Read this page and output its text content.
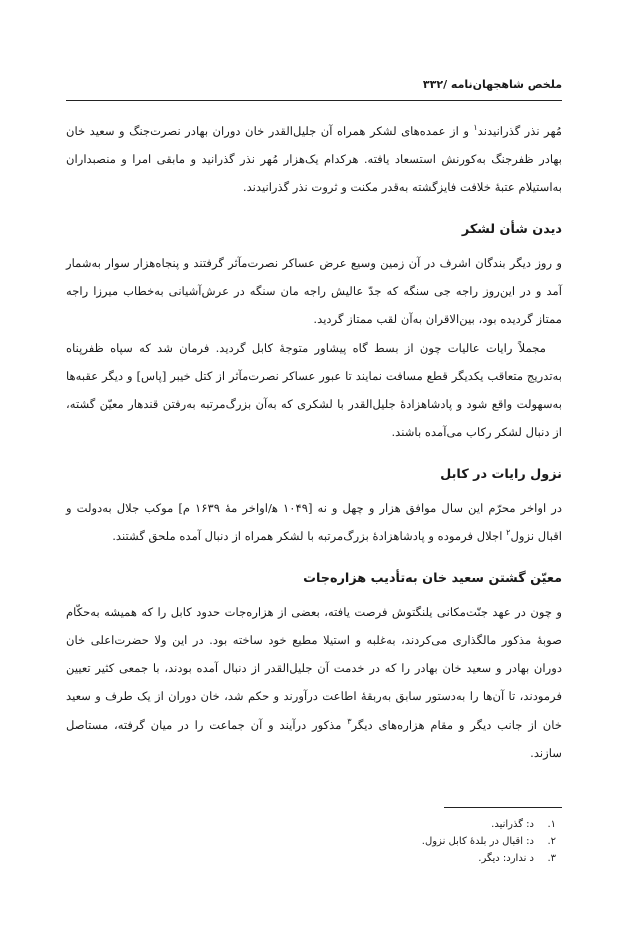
ملخص شاهجهان‌نامه /۳۳۲

مُهر نذر گذرانیدند$^۱$ و از عمده‌های لشکر همراه آن جلیل‌القدر خان دوران بهادر نصرت‌جنگ و سعید خان بهادر ظفرجنگ به‌کورنش استسعاد یافته. هرکدام یک‌هزار مُهر نذر گذرانید و مابقی امرا و منصبداران به‌استیلام عتبهٔ خلافت فایزگشته به‌قدر مکنت و ثروت نذر گذرانیدند.

دیدن شأن لشکر

و روز دیگر بندگان اشرف در آن زمین وسیع عرض عساکر نصرت‌مآثر گرفتند و پنجاه‌هزار سوار به‌شمار آمد و در این‌روز راجه جی سنگه که جدّ عالیش راجه مان سنگه در عرش‌آشیانی به‌خطاب میرزا راجه ممتاز گردیده بود، بین‌الاقران به‌آن لقب ممتاز گردید.

مجملاً رایات عالیات چون از بسط گاه پیشاور متوجهٔ کابل گردید. فرمان شد که سپاه ظفرپناه به‌تدریج متعاقب یکدیگر قطع مسافت نمایند تا عبور عساکر نصرت‌مآثر از کتل خیبر [پاس] و دیگر عقبه‌ها به‌سهولت واقع شود و پادشاهزادهٔ جلیل‌القدر با لشکری که به‌آن بزرگ‌مرتبه به‌رفتن قندهار معیّن گشته، از دنبال لشکر رکاب می‌آمده باشند.

نزول رایات در کابل

در اواخر محرّم این سال موافق هزار و چهل و نه [۱۰۴۹ ﻫ/اواخر مهٔ ۱۶۳۹ م] موکب جلال به‌دولت و اقبال نزول$^۲$ اجلال فرموده و پادشاهزادهٔ بزرگ‌مرتبه با لشکر همراه از دنبال آمده ملحق گشتند.

معیّن گشتن سعید خان به‌تأدیب هزاره‌جات

و چون در عهد جنّت‌مکانی یلنگتوش فرصت یافته، بعضی از هزاره‌جات حدود کابل را که همیشه به‌حکّام صوبهٔ مذکور مالگذاری می‌کردند، به‌غلبه و استیلا مطیع خود ساخته بود. در این ولا حضرت‌اعلی خان دوران بهادر و سعید خان بهادر را که در خدمت آن جلیل‌القدر از دنبال آمده بودند، با جمعی کثیر تعیین فرمودند، تا آن‌ها را به‌دستور سابق به‌ربقهٔ اطاعت درآورند و حکم شد، خان دوران از یک طرف و سعید خان از جانب دیگر و مقام هزاره‌های دیگر$^۳$ مذکور درآیند و آن جماعت را در میان گرفته، مستاصل سازند.

۱.
د: گذرانید.
۲.
د: اقبال در بلدهٔ کابل نزول.
۳.
د ندارد: دیگر.
